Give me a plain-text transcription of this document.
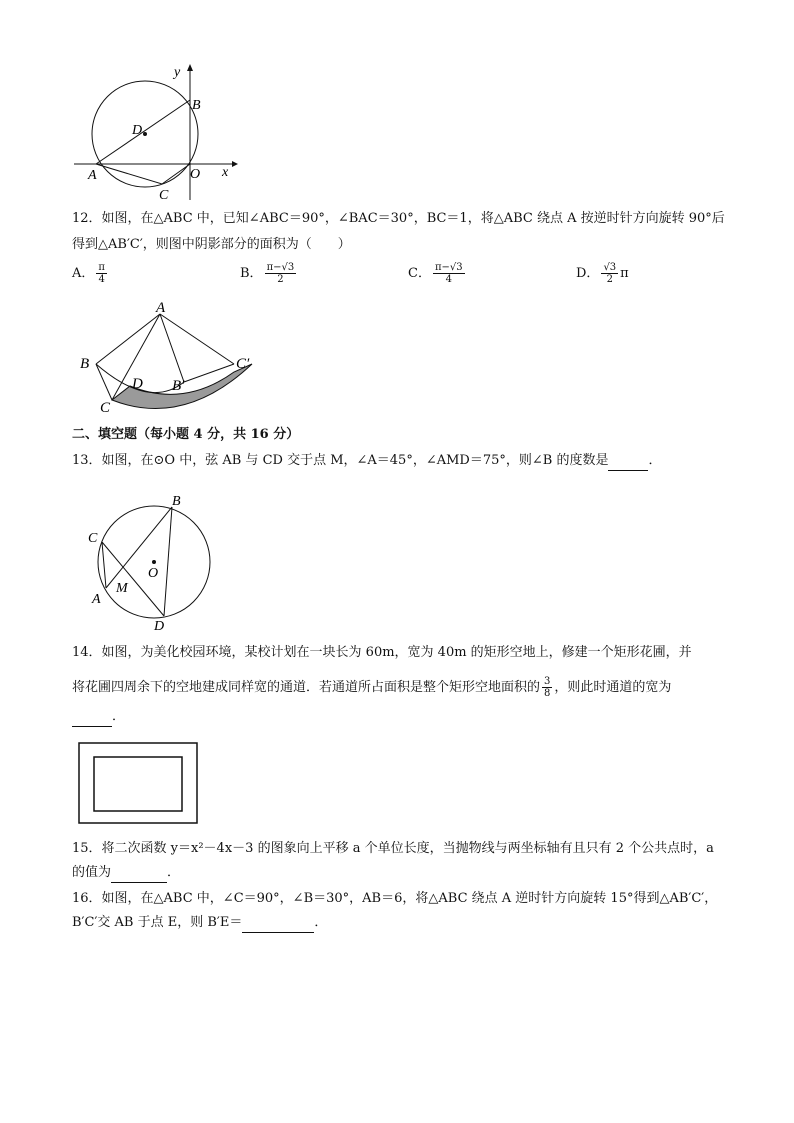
y
B
D
A	O x
C
12．如图，在△ABC 中，已知∠ABC＝90°，∠BAC＝30°，BC＝1，将△ABC 绕点 A 按逆时针方向旋转 90°后
得到△AB′C′，则图中阴影部分的面积为（　　）
A． $\frac{\pi}{4}$	B． $\frac{\pi-√3}{2}$	C． $\frac{\pi-√3}{4}$	D． $\frac{√3}{2}$ π
A
B	C′
D B′
C
二、填空题（每小题 4 分，共 16 分）
13．如图，在⊙O 中，弦 AB 与 CD 交于点 M，∠A＝45°，∠AMD＝75°，则∠B 的度数是	．
B
C
O
M
A
D
14．如图，为美化校园环境，某校计划在一块长为 60m，宽为 40m 的矩形空地上，修建一个矩形花圃，并
将花圃四周余下的空地建成同样宽的通道．若通道所占面积是整个矩形空地面积的 $\frac{3}{8}$ ，则此时通道的宽为
．
15．将二次函数 y＝x²－4x－3 的图象向上平移 a 个单位长度，当抛物线与两坐标轴有且只有 2 个公共点时，a
的值为	．
16．如图，在△ABC 中，∠C＝90°，∠B＝30°，AB＝6，将△ABC 绕点 A 逆时针方向旋转 15°得到△AB′C′，
B′C′交 AB 于点 E，则 B′E＝	．
